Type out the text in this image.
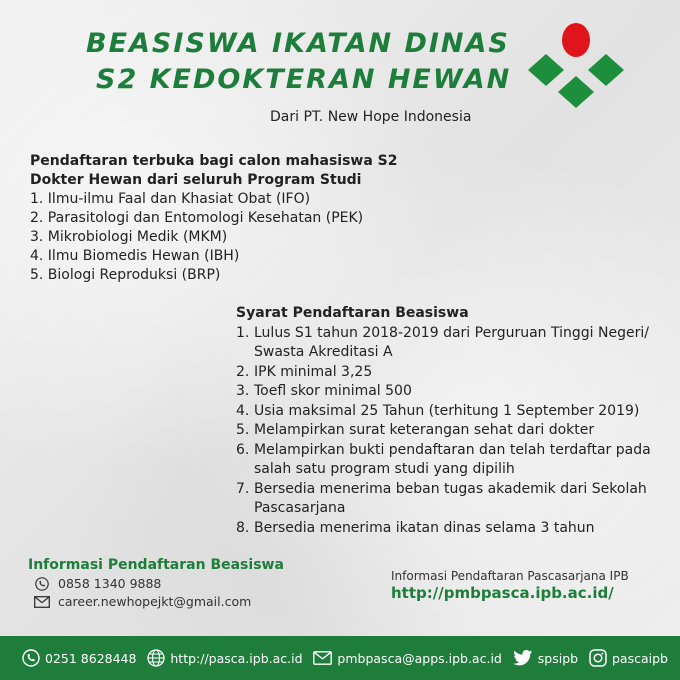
BEASISWA IKATAN DINAS
S2 KEDOKTERAN HEWAN
Dari PT. New Hope Indonesia
Pendaftaran terbuka bagi calon mahasiswa S2
Dokter Hewan dari seluruh Program Studi
1. Ilmu-ilmu Faal dan Khasiat Obat (IFO)
2. Parasitologi dan Entomologi Kesehatan (PEK)
3. Mikrobiologi Medik (MKM)
4. Ilmu Biomedis Hewan (IBH)
5. Biologi Reproduksi (BRP)
Syarat Pendaftaran Beasiswa
1. Lulus S1 tahun 2018-2019 dari Perguruan Tinggi Negeri/ Swasta Akreditasi A
2. IPK minimal 3,25
3. Toefl skor minimal 500
4. Usia maksimal 25 Tahun (terhitung 1 September 2019)
5. Melampirkan surat keterangan sehat dari dokter
6. Melampirkan bukti pendaftaran dan telah terdaftar pada salah satu program studi yang dipilih
7. Bersedia menerima beban tugas akademik dari Sekolah Pascasarjana
8. Bersedia menerima ikatan dinas selama 3 tahun
Informasi Pendaftaran Beasiswa
0858 1340 9888
career.newhopejkt@gmail.com
Informasi Pendaftaran Pascasarjana IPB
http://pmbpasca.ipb.ac.id/
0251 8628448	http://pasca.ipb.ac.id	pmbpasca@apps.ipb.ac.id	spsipb	pascaipb
